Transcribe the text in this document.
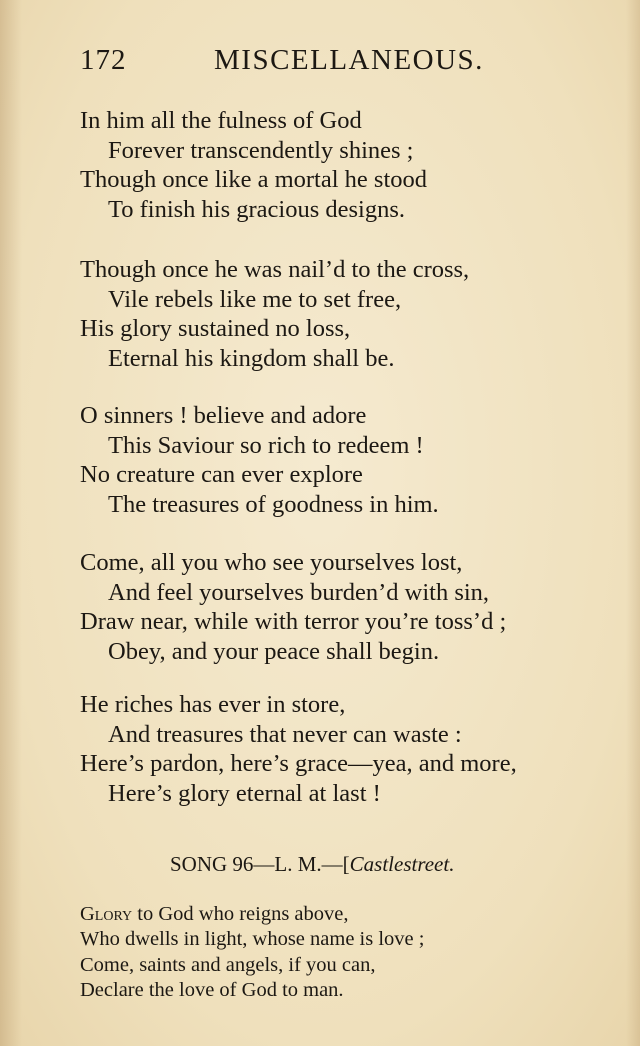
172	MISCELLANEOUS.
In him all the fulness of God
Forever transcendently shines ;
Though once like a mortal he stood
To finish his gracious designs.
Though once he was nail’d to the cross,
Vile rebels like me to set free,
His glory sustained no loss,
Eternal his kingdom shall be.
O sinners ! believe and adore
This Saviour so rich to redeem !
No creature can ever explore
The treasures of goodness in him.
Come, all you who see yourselves lost,
And feel yourselves burden’d with sin,
Draw near, while with terror you’re toss’d ;
Obey, and your peace shall begin.
He riches has ever in store,
And treasures that never can waste :
Here’s pardon, here’s grace—yea, and more,
Here’s glory eternal at last !
SONG 96—L. M.—[Castlestreet.
Glory to God who reigns above,
Who dwells in light, whose name is love ;
Come, saints and angels, if you can,
Declare the love of God to man.
